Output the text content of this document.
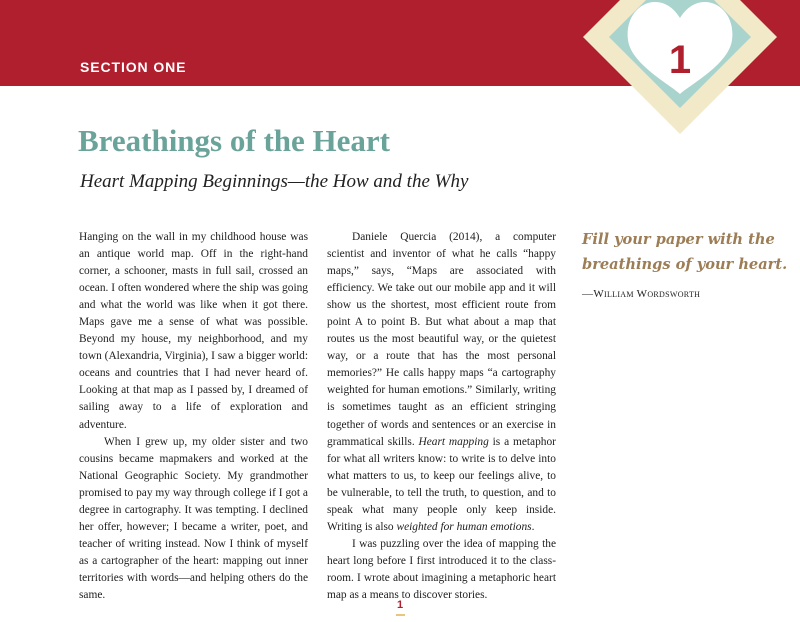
SECTION ONE	1
Breathings of the Heart
Heart Mapping Beginnings—the How and the Why

Hanging on the wall in my childhood house was an antique world map. Off in the right-hand corner, a schooner, masts in full sail, crossed an ocean. I often wondered where the ship was going and what the world was like when it got there. Maps gave me a sense of what was possible. Beyond my house, my neighborhood, and my town (Alexandria, Virginia), I saw a bigger world: oceans and countries that I had never heard of. Looking at that map as I passed by, I dreamed of sailing away to a life of exploration and adventure.

When I grew up, my older sister and two cousins became mapmakers and worked at the National Geographic Society. My grandmother promised to pay my way through college if I got a degree in cartography. It was tempting. I declined her offer, however; I became a writer, poet, and teacher of writing instead. Now I think of myself as a cartographer of the heart: mapping out inner territories with words—and helping others do the same.

Daniele Quercia (2014), a computer scientist and inventor of what he calls “happy maps,” says, “Maps are associated with efficiency. We take out our mobile app and it will show us the shortest, most efficient route from point A to point B. But what about a map that routes us the most beautiful way, or the quietest way, or a route that has the most personal memories?” He calls happy maps “a cartography weighted for human emotions.” Similarly, writing is sometimes taught as an efficient stringing together of words and sentences or an exercise in grammatical skills. Heart mapping is a metaphor for what all writers know: to write is to delve into what matters to us, to keep our feelings alive, to be vulnerable, to tell the truth, to question, and to speak what many people only keep inside. Writing is also weighted for human emotions.

I was puzzling over the idea of mapping the heart long before I first introduced it to the classroom. I wrote about imagining a metaphoric heart map as a means to discover stories.

Fill your paper with the
breathings of your heart.
—William Wordsworth
1
